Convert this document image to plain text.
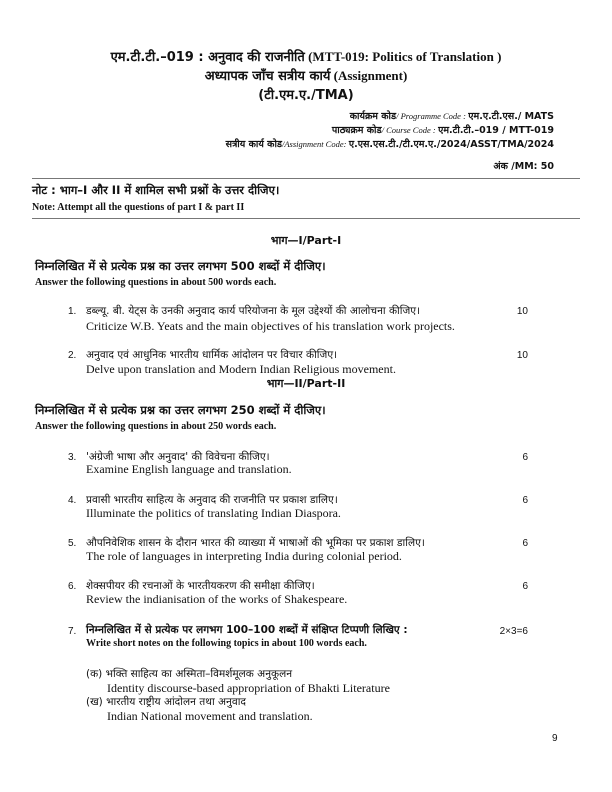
एम.टी.टी.–019 : अनुवाद की राजनीति (MTT-019: Politics of Translation )
अध्यापक जाँच सत्रीय कार्य (Assignment)
(टी.एम.ए./TMA)
कार्यक्रम कोड/ Programme Code : एम.ए.टी.एस./ MATS
पाठ्यक्रम कोड/ Course Code : एम.टी.टी.–019 / MTT-019
सत्रीय कार्य कोड/Assignment Code: ए.एस.एस.टी./टी.एम.ए./2024/ASST/TMA/2024
अंक /MM: 50
नोट : भाग–I और II में शामिल सभी प्रश्नों के उत्तर दीजिए।
Note: Attempt all the questions of part I & part II
भाग—I/Part-I
निम्नलिखित में से प्रत्येक प्रश्न का उत्तर लगभग 500 शब्दों में दीजिए।
Answer the following questions in about 500 words each.
1. डब्ल्यू. बी. येट्स के उनकी अनुवाद कार्य परियोजना के मूल उद्देश्यों की आलोचना कीजिए।
Criticize W.B. Yeats and the main objectives of his translation work projects.
10
2. अनुवाद एवं आधुनिक भारतीय धार्मिक आंदोलन पर विचार कीजिए।
Delve upon translation and Modern Indian Religious movement.
10
भाग—II/Part-II
निम्नलिखित में से प्रत्येक प्रश्न का उत्तर लगभग 250 शब्दों में दीजिए।
Answer the following questions in about 250 words each.
3. 'अंग्रेजी भाषा और अनुवाद' की विवेचना कीजिए।
Examine English language and translation.
6
4. प्रवासी भारतीय साहित्य के अनुवाद की राजनीति पर प्रकाश डालिए।
Illuminate the politics of translating Indian Diaspora.
6
5. औपनिवेशिक शासन के दौरान भारत की व्याख्या में भाषाओं की भूमिका पर प्रकाश डालिए।
The role of languages in interpreting India during colonial period.
6
6. शेक्सपीयर की रचनाओं के भारतीयकरण की समीक्षा कीजिए।
Review the indianisation of the works of Shakespeare.
6
7. निम्नलिखित में से प्रत्येक पर लगभग 100–100 शब्दों में संक्षिप्त टिप्पणी लिखिए :
Write short notes on the following topics in about 100 words each.
2×3=6
(क) भक्ति साहित्य का अस्मिता–विमर्शमूलक अनुकूलन
Identity discourse-based appropriation of Bhakti Literature
(ख) भारतीय राष्ट्रीय आंदोलन तथा अनुवाद
Indian National movement and translation.
9
